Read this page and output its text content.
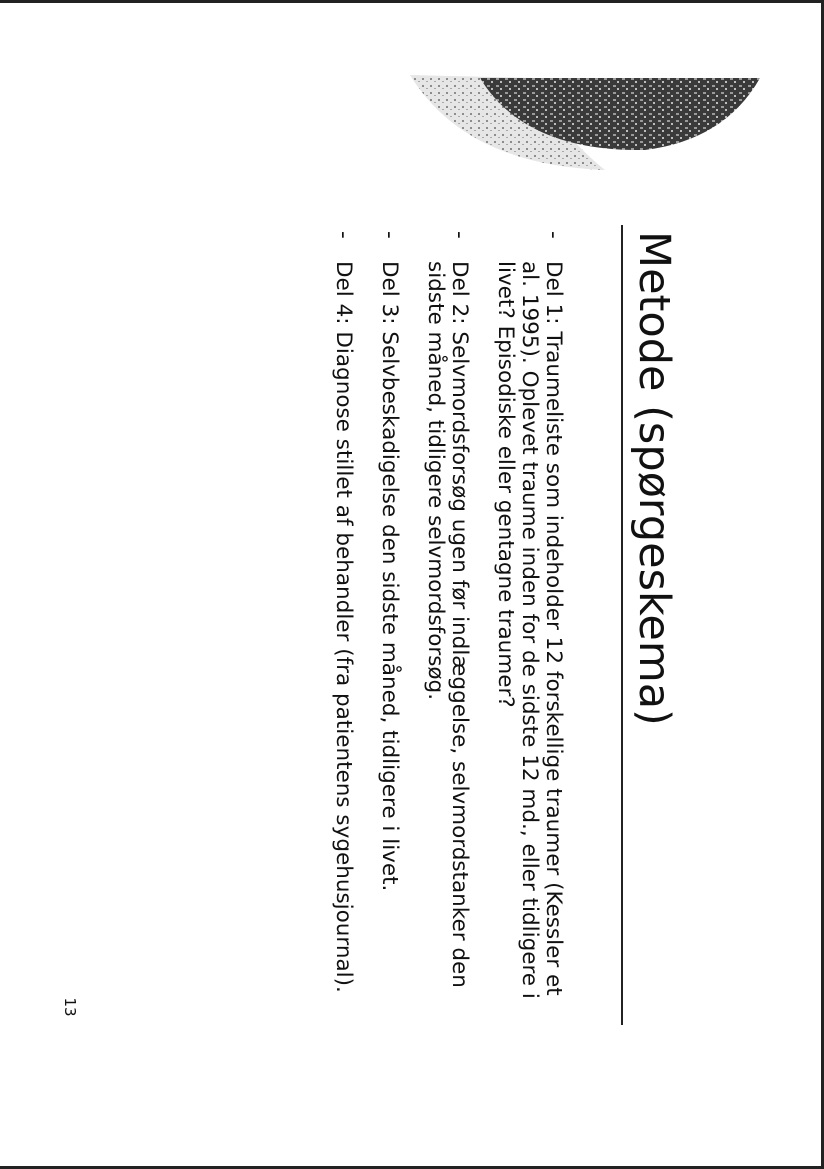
Metode (spørgeskema)
-
Del 1: Traumeliste som indeholder 12 forskellige traumer (Kessler et al. 1995). Oplevet traume inden for de sidste 12 md., eller tidligere i livet? Episodiske eller gentagne traumer?
-
Del 2: Selvmordsforsøg ugen før indlæggelse, selvmordstanker den sidste måned, tidligere selvmordsforsøg.
-
Del 3: Selvbeskadigelse den sidste måned, tidligere i livet.
-
Del 4: Diagnose stillet af behandler (fra patientens sygehusjournal).
13
